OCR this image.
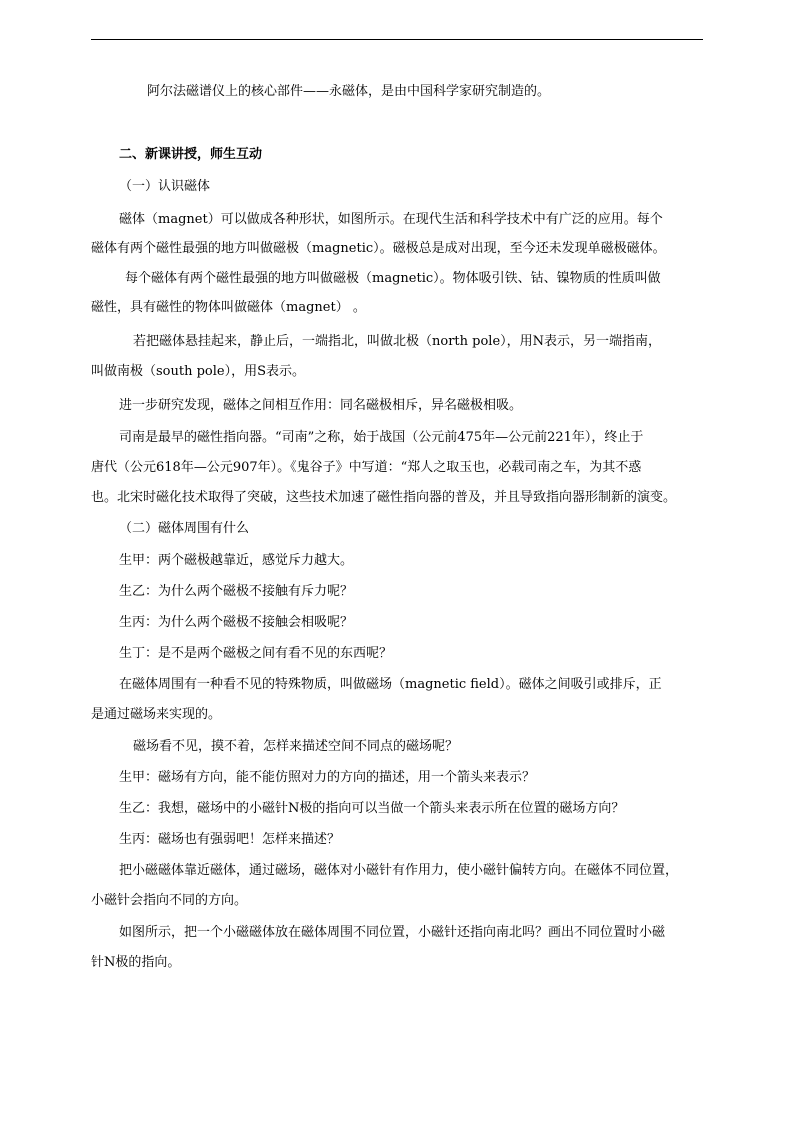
阿尔法磁谱仪上的核心部件——永磁体，是由中国科学家研究制造的。
二、新课讲授，师生互动
（一）认识磁体
磁体（magnet）可以做成各种形状，如图所示。在现代生活和科学技术中有广泛的应用。每个
磁体有两个磁性最强的地方叫做磁极（magnetic）。磁极总是成对出现，至今还未发现单磁极磁体。
每个磁体有两个磁性最强的地方叫做磁极（magnetic）。物体吸引铁、钴、镍物质的性质叫做
磁性，具有磁性的物体叫做磁体（magnet） 。
若把磁体悬挂起来，静止后，一端指北，叫做北极（north pole），用N表示，另一端指南，
叫做南极（south pole），用S表示。
进一步研究发现，磁体之间相互作用：同名磁极相斥，异名磁极相吸。
司南是最早的磁性指向器。“司南”之称，始于战国（公元前475年—公元前221年），终止于
唐代（公元618年—公元907年）。《鬼谷子》中写道：“郑人之取玉也，必载司南之车，为其不惑
也。北宋时磁化技术取得了突破，这些技术加速了磁性指向器的普及，并且导致指向器形制新的演变。
（二）磁体周围有什么
生甲：两个磁极越靠近，感觉斥力越大。
生乙：为什么两个磁极不接触有斥力呢？
生丙：为什么两个磁极不接触会相吸呢？
生丁：是不是两个磁极之间有看不见的东西呢？
在磁体周围有一种看不见的特殊物质，叫做磁场（magnetic field）。磁体之间吸引或排斥，正
是通过磁场来实现的。
磁场看不见，摸不着，怎样来描述空间不同点的磁场呢？
生甲：磁场有方向，能不能仿照对力的方向的描述，用一个箭头来表示？
生乙：我想，磁场中的小磁针N极的指向可以当做一个箭头来表示所在位置的磁场方向？
生丙：磁场也有强弱吧！怎样来描述？
把小磁磁体靠近磁体，通过磁场，磁体对小磁针有作用力，使小磁针偏转方向。在磁体不同位置，
小磁针会指向不同的方向。
如图所示，把一个小磁磁体放在磁体周围不同位置，小磁针还指向南北吗？画出不同位置时小磁
针N极的指向。
